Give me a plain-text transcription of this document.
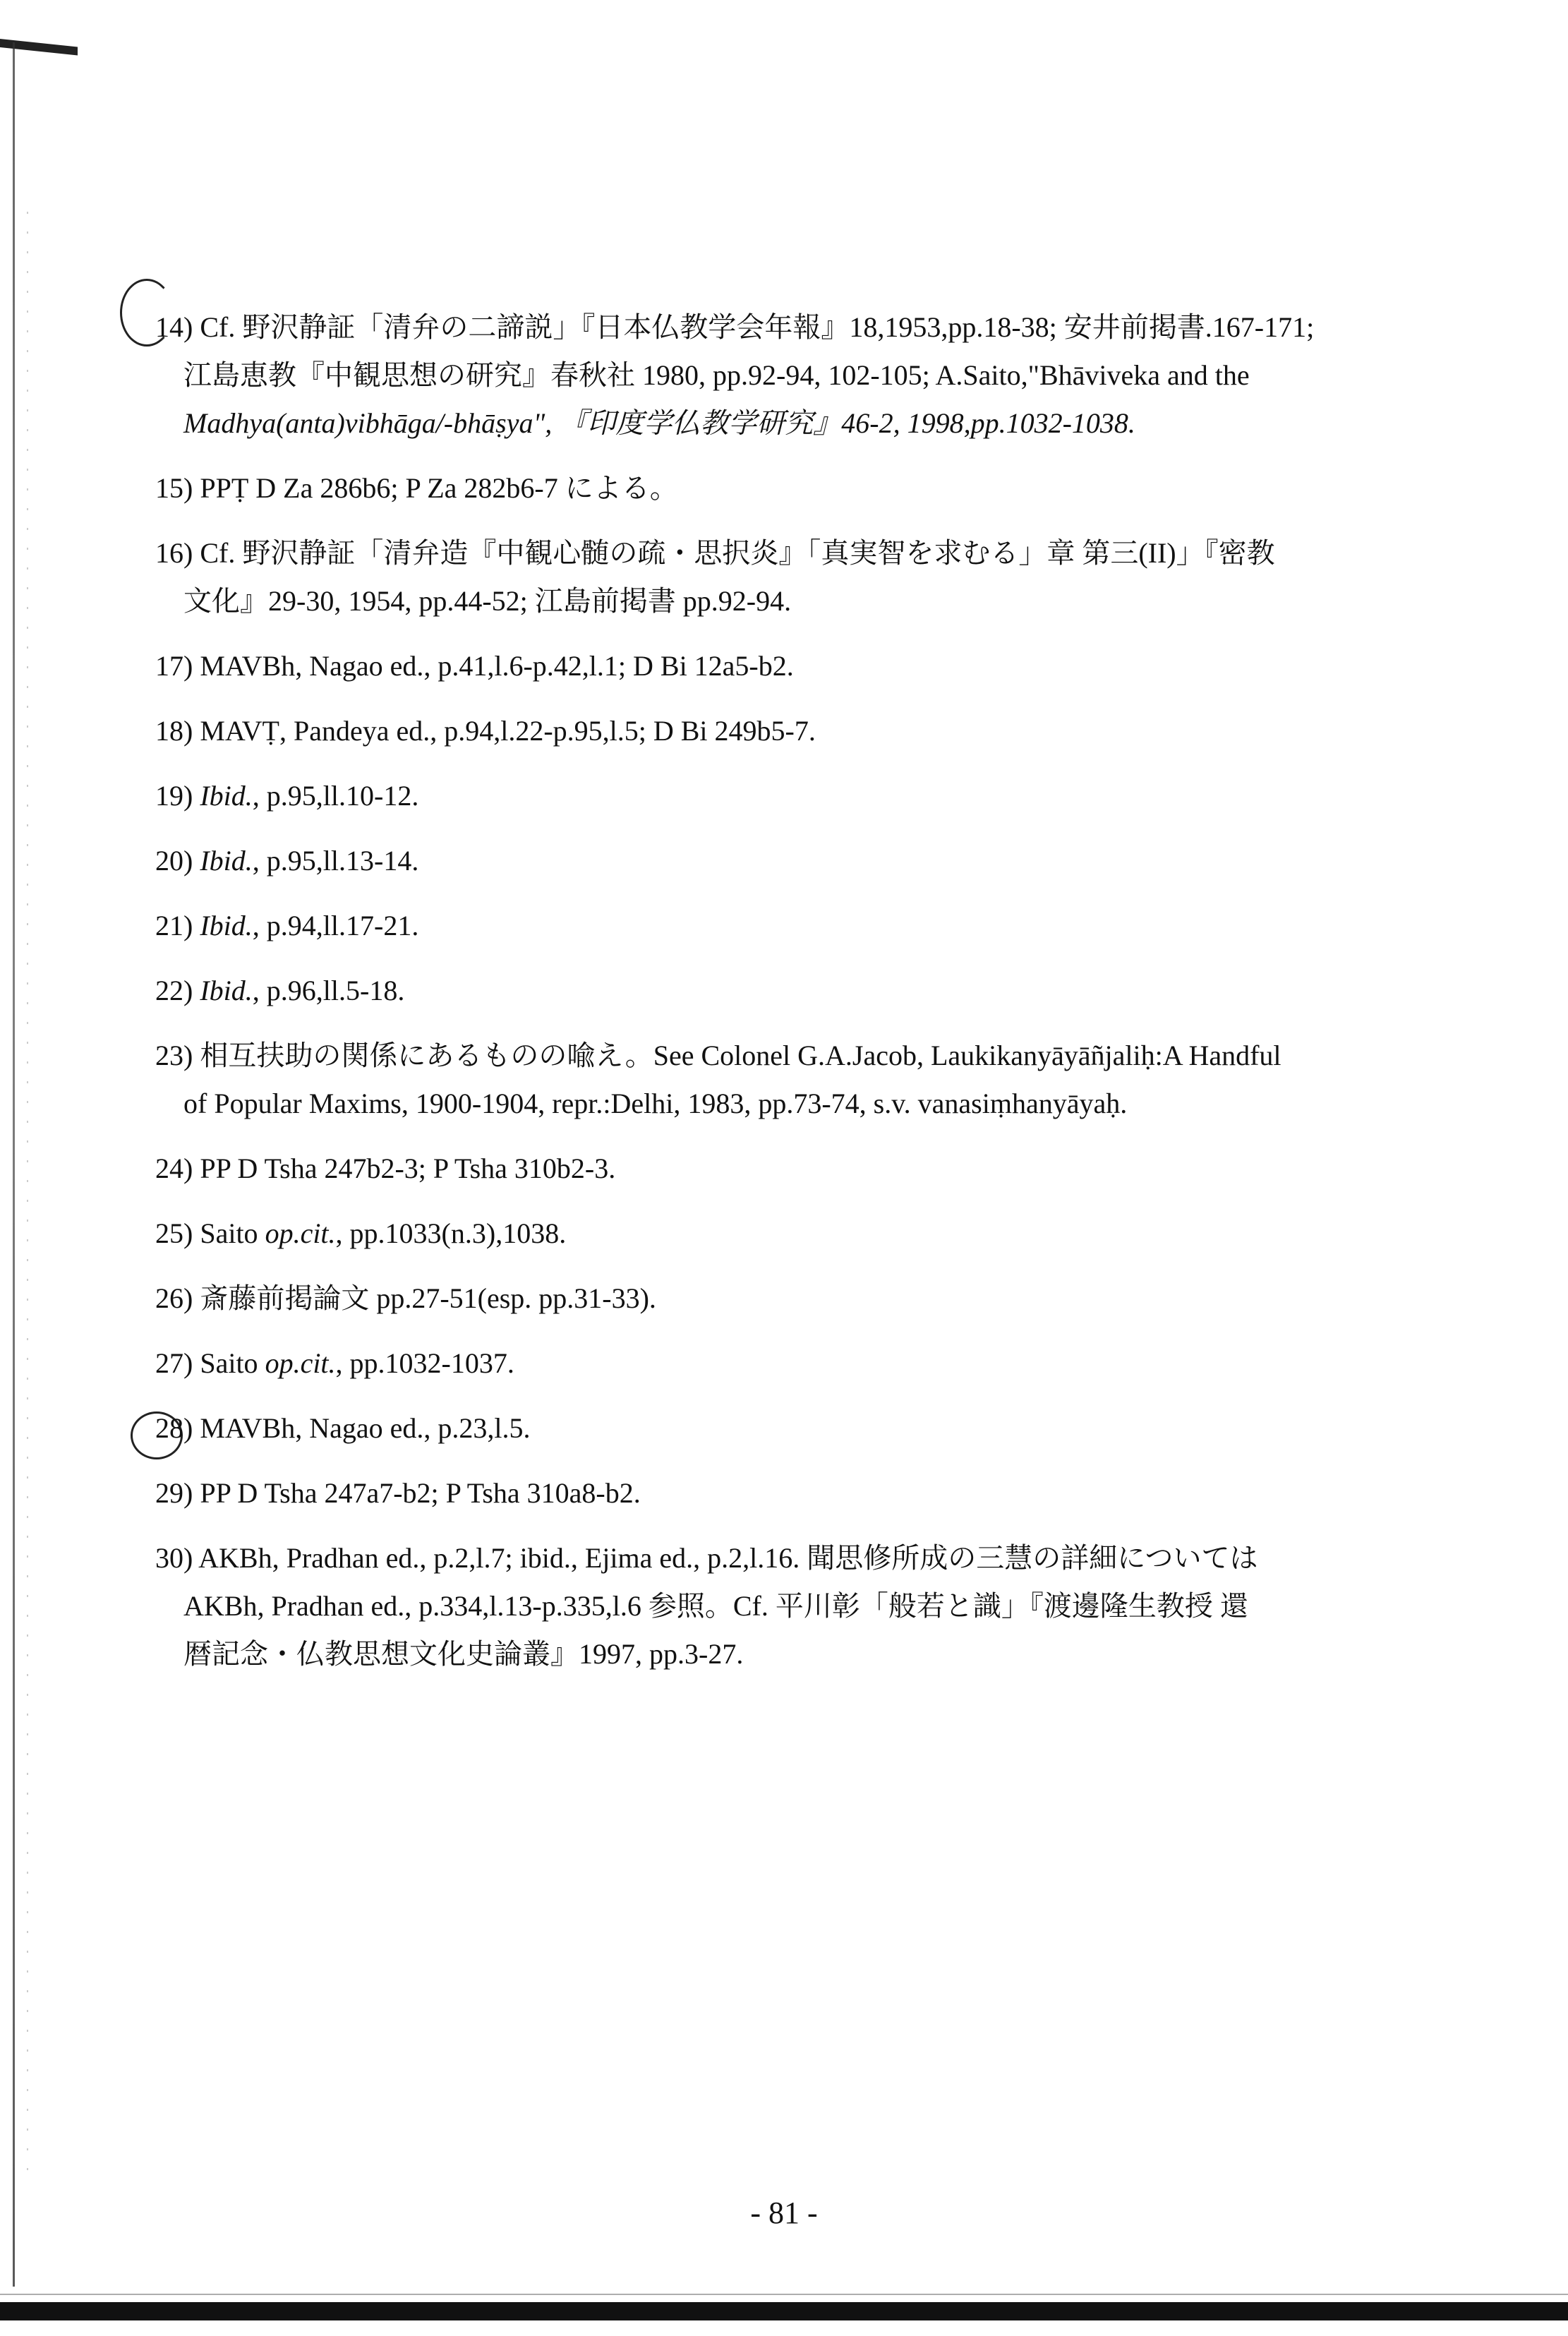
14) Cf. 野沢静証「清弁の二諦説」『日本仏教学会年報』18,1953,pp.18-38; 安井前掲書.167-171;
江島恵教『中観思想の研究』春秋社 1980, pp.92-94, 102-105; A.Saito,"Bhāviveka and the
Madhya(anta)vibhāga/-bhāṣya", 『印度学仏教学研究』46-2, 1998,pp.1032-1038.
15) PPṬ D Za 286b6; P Za 282b6-7 による。
16) Cf. 野沢静証「清弁造『中観心髄の疏・思択炎』「真実智を求むる」章 第三(II)」『密教
文化』29-30, 1954, pp.44-52; 江島前掲書 pp.92-94.
17) MAVBh, Nagao ed., p.41,l.6-p.42,l.1; D Bi 12a5-b2.
18) MAVṬ, Pandeya ed., p.94,l.22-p.95,l.5; D Bi 249b5-7.
19) Ibid., p.95,ll.10-12.
20) Ibid., p.95,ll.13-14.
21) Ibid., p.94,ll.17-21.
22) Ibid., p.96,ll.5-18.
23) 相互扶助の関係にあるものの喩え。See Colonel G.A.Jacob, Laukikanyāyāñjaliḥ:A Handful
of Popular Maxims, 1900-1904, repr.:Delhi, 1983, pp.73-74, s.v. vanasiṃhanyāyaḥ.
24) PP D Tsha 247b2-3; P Tsha 310b2-3.
25) Saito op.cit., pp.1033(n.3),1038.
26) 斎藤前掲論文 pp.27-51(esp. pp.31-33).
27) Saito op.cit., pp.1032-1037.
28) MAVBh, Nagao ed., p.23,l.5.
29) PP D Tsha 247a7-b2; P Tsha 310a8-b2.
30) AKBh, Pradhan ed., p.2,l.7; ibid., Ejima ed., p.2,l.16. 聞思修所成の三慧の詳細については
AKBh, Pradhan ed., p.334,l.13-p.335,l.6 参照。Cf. 平川彰「般若と識」『渡邊隆生教授 還
暦記念・仏教思想文化史論叢』1997, pp.3-27.
- 81 -
